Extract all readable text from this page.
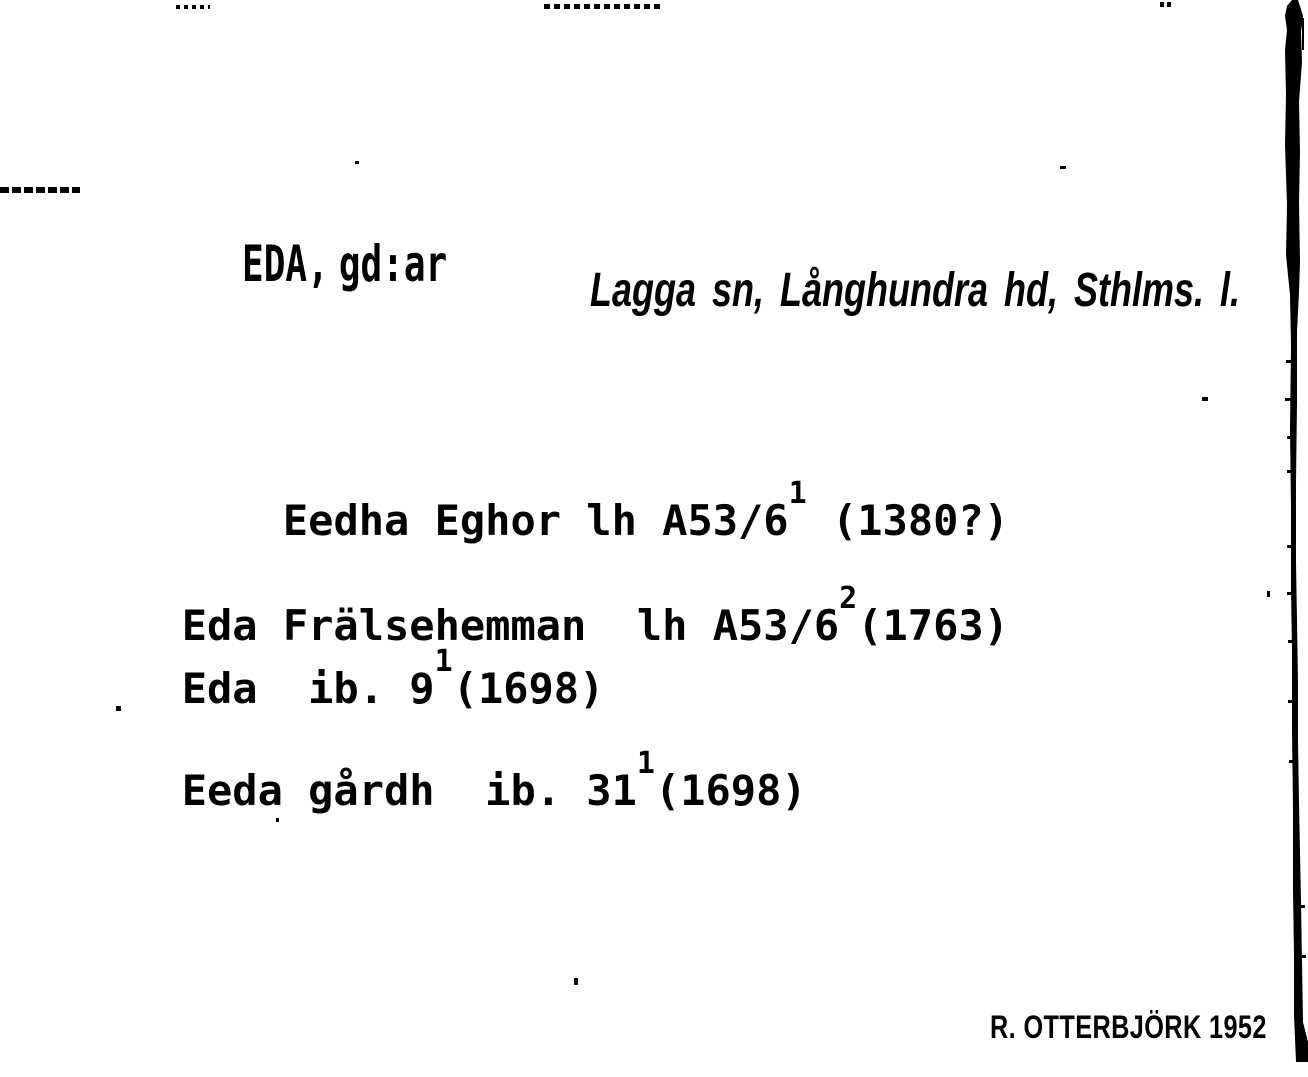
EDA, gd:ar

	Lagga sn, Långhundra hd, Sthlms. l.

Eedha Eghor lh $A53/6^1$ (1380?)

Eda Frälsehemman  lh $A53/6^2(1763)$

Eda  ib. $9^1(1698)$

Eeda gårdh  ib. $31^1(1698)$

R. OTTERBJÖRK 1952
